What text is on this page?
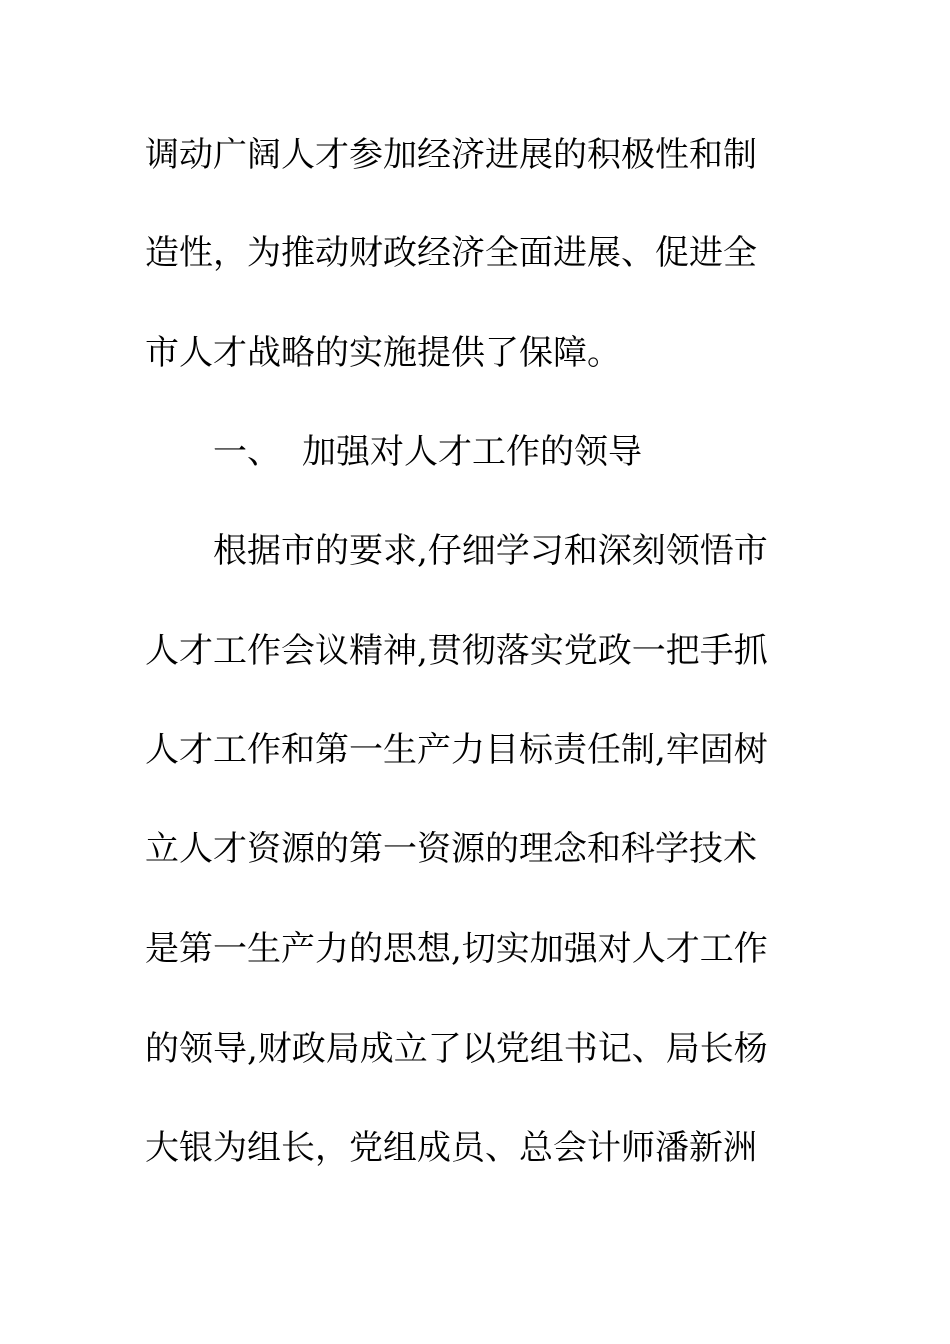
调动广阔人才参加经济进展的积极性和制
造性，为推动财政经济全面进展、促进全
市人才战略的实施提供了保障。
一、 加强对人才工作的领导
根据市的要求,仔细学习和深刻领悟市
人才工作会议精神,贯彻落实党政一把手抓
人才工作和第一生产力目标责任制,牢固树
立人才资源的第一资源的理念和科学技术
是第一生产力的思想,切实加强对人才工作
的领导,财政局成立了以党组书记、局长杨
大银为组长，党组成员、总会计师潘新洲
